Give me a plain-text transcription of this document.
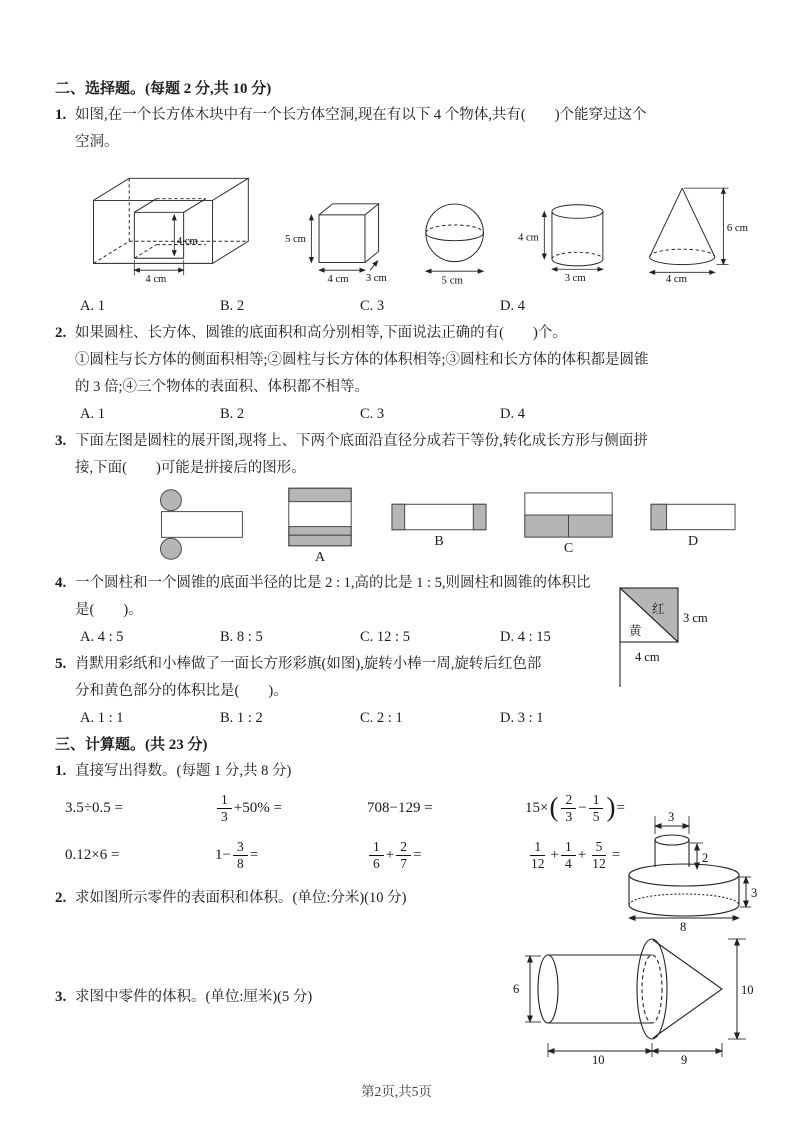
二、选择题。(每题 2 分,共 10 分)
1. 如图,在一个长方体木块中有一个长方体空洞,现在有以下 4 个物体,共有(　　)个能穿过这个
空洞。
4 cm
4 cm
5 cm
4 cm 3 cm	5 cm
4 cm
3 cm
6 cm
4 cm
A. 1	B. 2	C. 3	D. 4
2. 如果圆柱、长方体、圆锥的底面积和高分别相等,下面说法正确的有(　　)个。
①圆柱与长方体的侧面积相等;②圆柱与长方体的体积相等;③圆柱和长方体的体积都是圆锥
的 3 倍;④三个物体的表面积、体积都不相等。
A. 1	B. 2	C. 3	D. 4
3. 下面左图是圆柱的展开图,现将上、下两个底面沿直径分成若干等份,转化成长方形与侧面拼
接,下面(　　)可能是拼接后的图形。
A
B	C	D
4. 一个圆柱和一个圆锥的底面半径的比是 2 : 1,高的比是 1 : 5,则圆柱和圆锥的体积比
是(　　)。
A. 4 : 5	B. 8 : 5	C. 12 : 5	D. 4 : 15
5. 肖默用彩纸和小棒做了一面长方形彩旗(如图),旋转小棒一周,旋转后红色部
分和黄色部分的体积比是(　　)。
A. 1 : 1	B. 1 : 2	C. 2 : 1	D. 3 : 1
红
黄
3 cm
4 cm
三、计算题。(共 23 分)
1. 直接写出得数。(每题 1 分,共 8 分)
3.5÷0.5 =	$\frac{1}{3} +50\%$ =	708−129 =	15× ( $\frac{2}{3} - \frac{1}{5}$ ) =
0.12×6 =	$1- \frac{3}{8}$ =	$\frac{1}{6} + \frac{2}{7}$ =	$\frac{1}{12} + \frac{1}{4} + \frac{5}{12}$ =
2. 求如图所示零件的表面积和体积。(单位:分米)(10 分)
3
2
3
8
3. 求图中零件的体积。(单位:厘米)(5 分)	6
10	9
10
第2页,共5页
